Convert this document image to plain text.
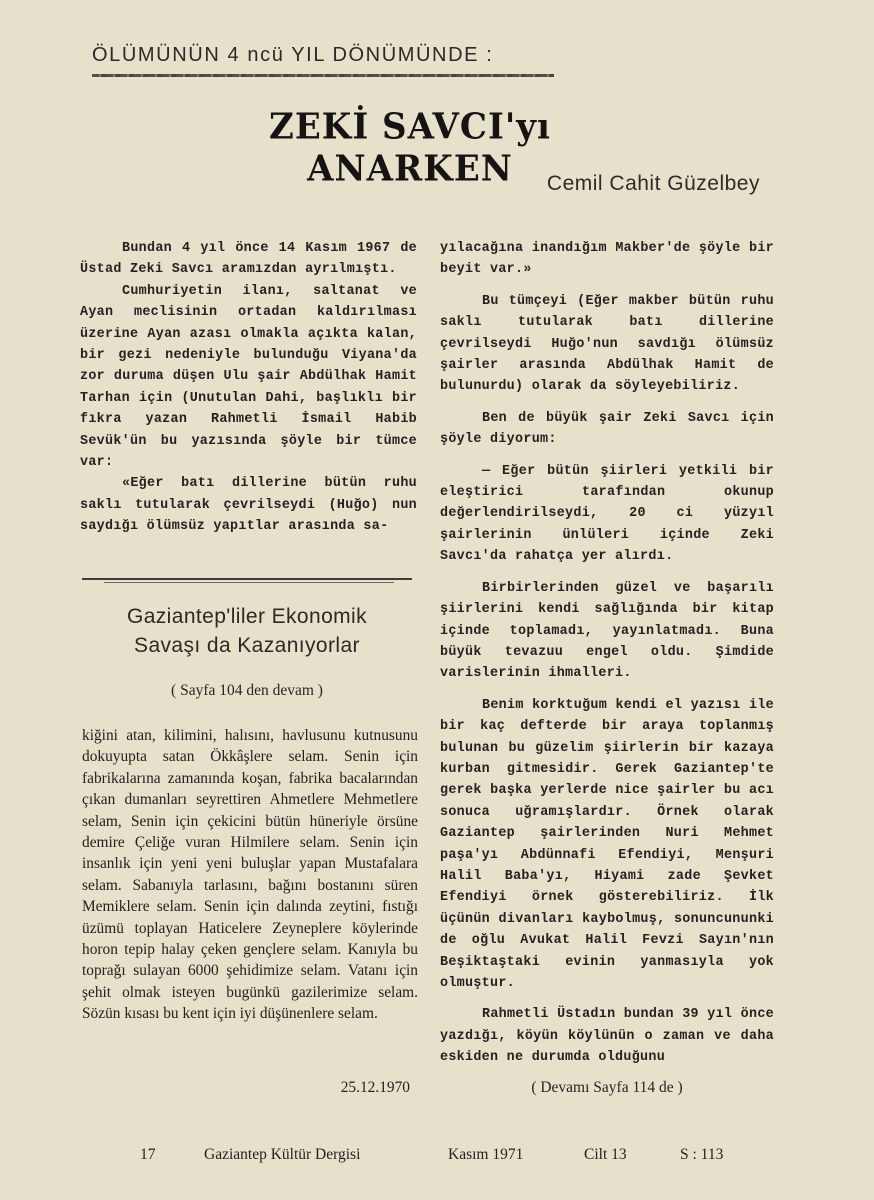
ÖLÜMÜNÜN 4 ncü YIL DÖNÜMÜNDE :
ZEKİ SAVCI'yı ANARKEN	Cemil Cahit Güzelbey

Bundan 4 yıl önce 14 Kasım 1967 de Üstad Zeki Savcı aramızdan ayrılmıştı.

Cumhuriyetin ilanı, saltanat ve Ayan meclisinin ortadan kaldırılması üzerine Ayan azası olmakla açıkta kalan, bir gezi nedeniyle bulunduğu Viyana'da zor duruma düşen Ulu şair Abdülhak Hamit Tarhan için (Unutulan Dahi, başlıklı bir fıkra yazan Rahmetli İsmail Habib Sevük'ün bu yazısında şöyle bir tümce var:

«Eğer batı dillerine bütün ruhu saklı tutularak çevrilseydi (Huğo) nun saydığı ölümsüz yapıtlar arasında sa-

Gaziantep'liler Ekonomik
Savaşı da Kazanıyorlar
( Sayfa 104 den devam )

kiğini atan, kilimini, halısını, havlusunu kutnusunu dokuyupta satan Ökkâşlere selam. Senin için fabrikalarına zamanında koşan, fabrika bacalarından çıkan dumanları seyrettiren Ahmetlere Mehmetlere selam, Senin için çekicini bütün hüneriyle örsüne demire Çeliğe vuran Hilmilere selam. Senin için insanlık için yeni yeni buluşlar yapan Mustafalara selam. Sabanıyla tarlasını, bağını bostanını süren Memiklere selam. Senin için dalında zeytini, fıstığı üzümü toplayan Haticelere Zeyneplere köylerinde horon tepip halay çeken gençlere selam. Kanıyla bu toprağı sulayan 6000 şehidimize selam. Vatanı için şehit olmak isteyen bugünkü gazilerimize selam. Sözün kısası bu kent için iyi düşünenlere selam.

25.12.1970

yılacağına inandığım Makber'de şöyle bir beyit var.»

Bu tümçeyi (Eğer makber bütün ruhu saklı tutularak batı dillerine çevrilseydi Huğo'nun savdığı ölümsüz şairler arasında Abdülhak Hamit de bulunurdu) olarak da söyleyebiliriz.

Ben de büyük şair Zeki Savcı için şöyle diyorum:

— Eğer bütün şiirleri yetkili bir eleştirici tarafından okunup değerlendirilseydi, 20 ci yüzyıl şairlerinin ünlüleri içinde Zeki Savcı'da rahatça yer alırdı.

Birbirlerinden güzel ve başarılı şiirlerini kendi sağlığında bir kitap içinde toplamadı, yayınlatmadı. Buna büyük tevazuu engel oldu. Şimdide varislerinin ihmalleri.

Benim korktuğum kendi el yazısı ile bir kaç defterde bir araya toplanmış bulunan bu güzelim şiirlerin bir kazaya kurban gitmesidir. Gerek Gaziantep'te gerek başka yerlerde nice şairler bu acı sonuca uğramışlardır. Örnek olarak Gaziantep şairlerinden Nuri Mehmet paşa'yı Abdünnafi Efendiyi, Menşuri Halil Baba'yı, Hiyami zade Şevket Efendiyi örnek gösterebiliriz. İlk üçünün divanları kaybolmuş, sonuncununki de oğlu Avukat Halil Fevzi Sayın'nın Beşiktaştaki evinin yanmasıyla yok olmuştur.

Rahmetli Üstadın bundan 39 yıl önce yazdığı, köyün köylünün o zaman ve daha eskiden ne durumda olduğunu

( Devamı Sayfa 114 de )
17	Gaziantep Kültür Dergisi	Kasım 1971	Cilt 13	S : 113
